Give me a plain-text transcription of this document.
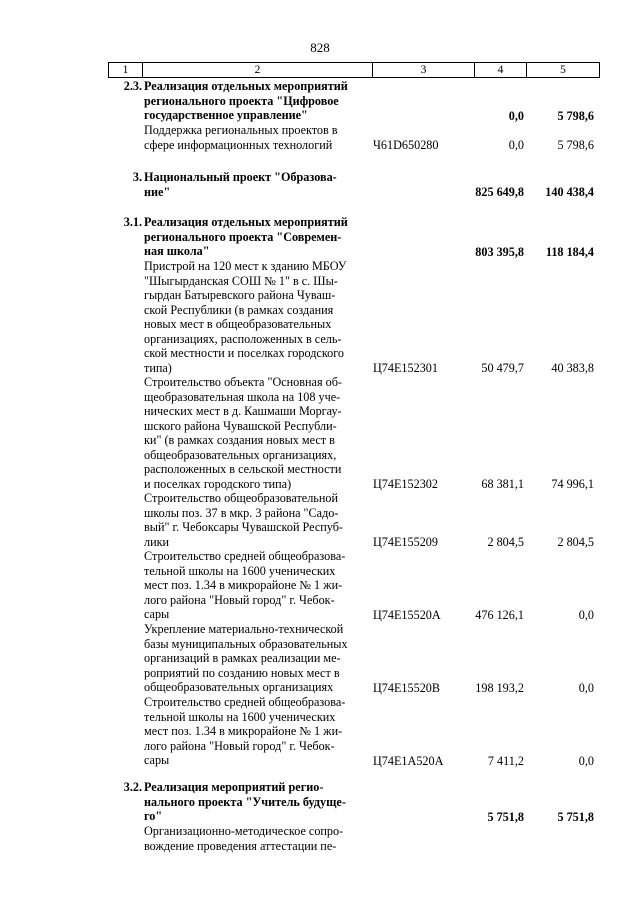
828
1	2	3	4	5
2.3. Реализация отдельных мероприятий
регионального проекта "Цифровое
государственное управление"	0,0	5 798,6
Поддержка региональных проектов в
сфере информационных технологий	Ч61D650280	0,0	5 798,6
3. Национальный проект "Образова-
ние"	825 649,8	140 438,4
3.1. Реализация отдельных мероприятий
регионального проекта "Современ-
ная школа"	803 395,8	118 184,4
Пристрой на 120 мест к зданию МБОУ
"Шыгырданская СОШ № 1" в с. Шы-
гырдан Батыревского района Чуваш-
ской Республики (в рамках создания
новых мест в общеобразовательных
организациях, расположенных в сель-
ской местности и поселках городского
типа)	Ц74Е152301	50 479,7	40 383,8
Строительство объекта "Основная об-
щеобразовательная школа на 108 уче-
нических мест в д. Кашмаши Моргау-
шского района Чувашской Республи-
ки" (в рамках создания новых мест в
общеобразовательных организациях,
расположенных в сельской местности
и поселках городского типа)	Ц74Е152302	68 381,1	74 996,1
Строительство общеобразовательной
школы поз. 37 в мкр. 3 района "Садо-
вый" г. Чебоксары Чувашской Респуб-
лики	Ц74Е155209	2 804,5	2 804,5
Строительство средней общеобразова-
тельной школы на 1600 ученических
мест поз. 1.34 в микрорайоне № 1 жи-
лого района "Новый город" г. Чебок-
сары	Ц74Е15520А	476 126,1	0,0
Укрепление материально-технической
базы муниципальных образовательных
организаций в рамках реализации ме-
роприятий по созданию новых мест в
общеобразовательных организациях	Ц74Е15520В	198 193,2	0,0
Строительство средней общеобразова-
тельной школы на 1600 ученических
мест поз. 1.34 в микрорайоне № 1 жи-
лого района "Новый город" г. Чебок-
сары	Ц74Е1А520А	7 411,2	0,0
3.2. Реализация мероприятий регио-
нального проекта "Учитель будуще-
го"	5 751,8	5 751,8
Организационно-методическое сопро-
вождение проведения аттестации пе-
